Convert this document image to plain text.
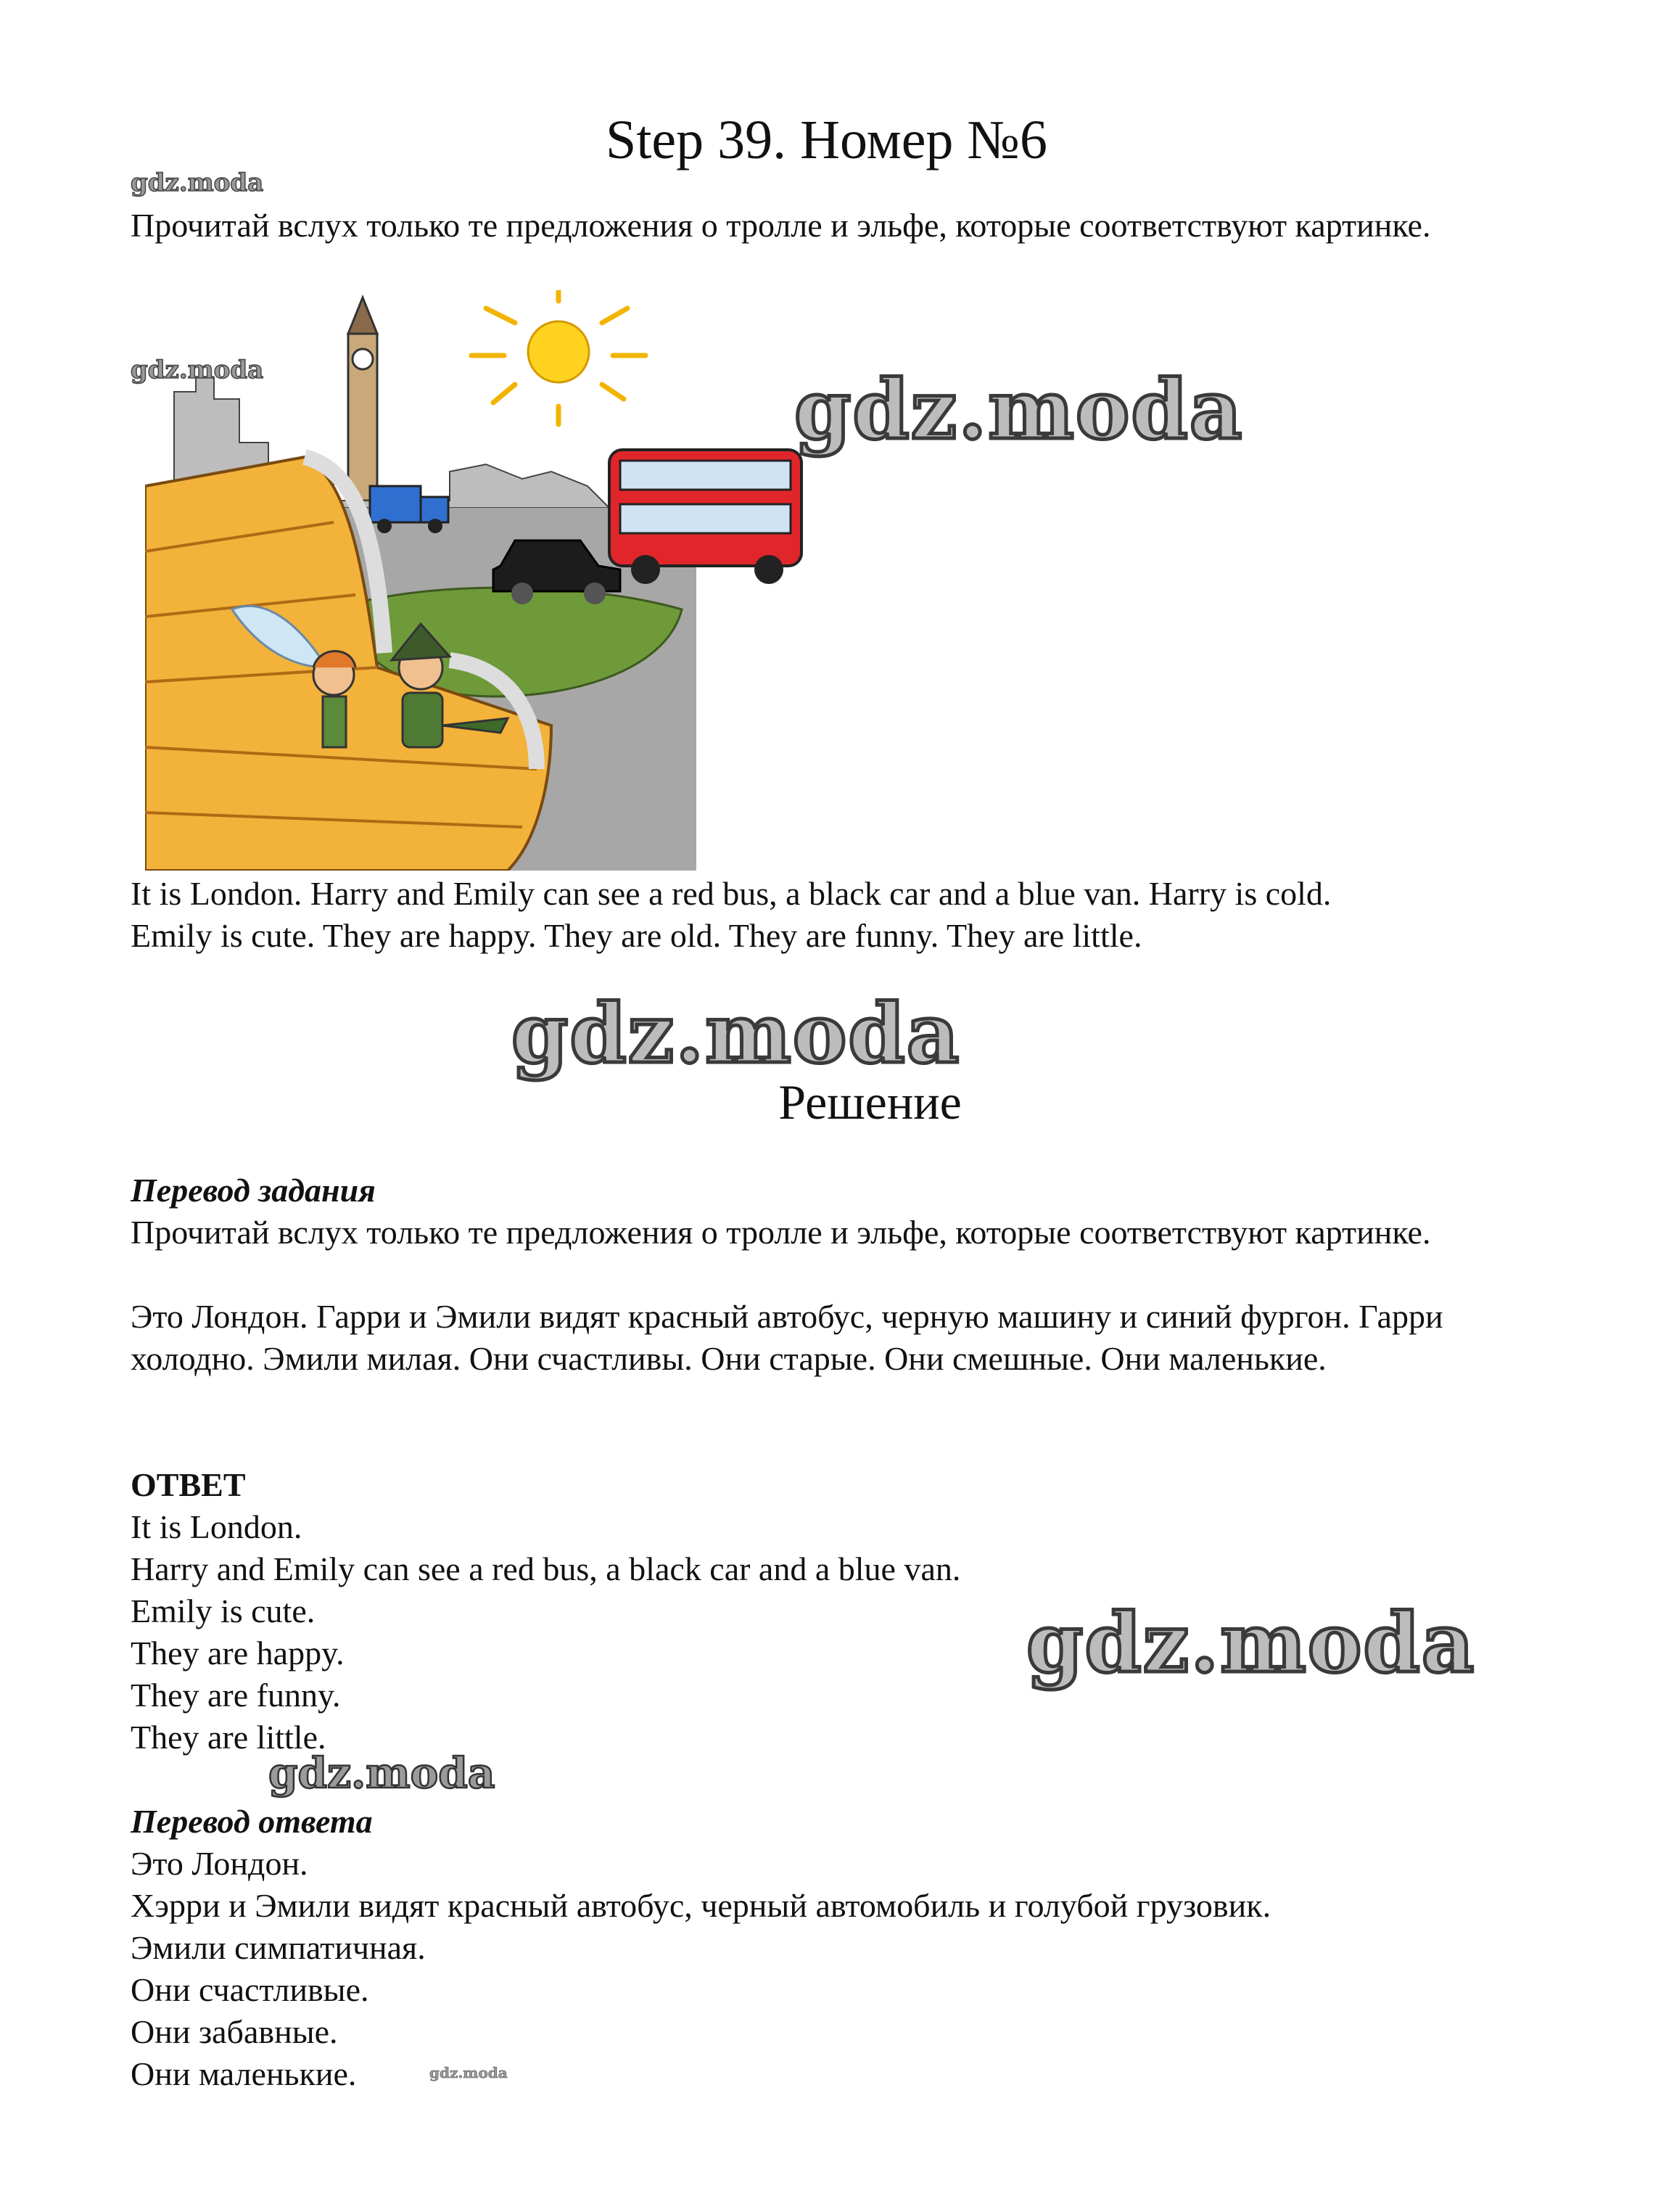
Step 39. Номер №6
gdz.moda
Прочитай вслух только те предложения о тролле и эльфе, которые соответствуют картинке.
gdz.moda	gdz.moda
It is London. Harry and Emily can see a red bus, a black car and a blue van. Harry is cold.
Emily is cute. They are happy. They are old. They are funny. They are little.
gdz.moda
Решение
Перевод задания
Прочитай вслух только те предложения о тролле и эльфе, которые соответствуют картинке.
Это Лондон. Гарри и Эмили видят красный автобус, черную машину и синий фургон. Гарри холодно. Эмили милая. Они счастливы. Они старые. Они смешные. Они маленькие.
ОТВЕТ
It is London.
Harry and Emily can see a red bus, a black car and a blue van.
Emily is cute.
They are happy.
They are funny.
They are little.
gdz.moda
gdz.moda
Перевод ответа
Это Лондон.
Хэрри и Эмили видят красный автобус, черный автомобиль и голубой грузовик.
Эмили симпатичная.
Они счастливые.
Они забавные.
Они маленькие.	gdz.moda
